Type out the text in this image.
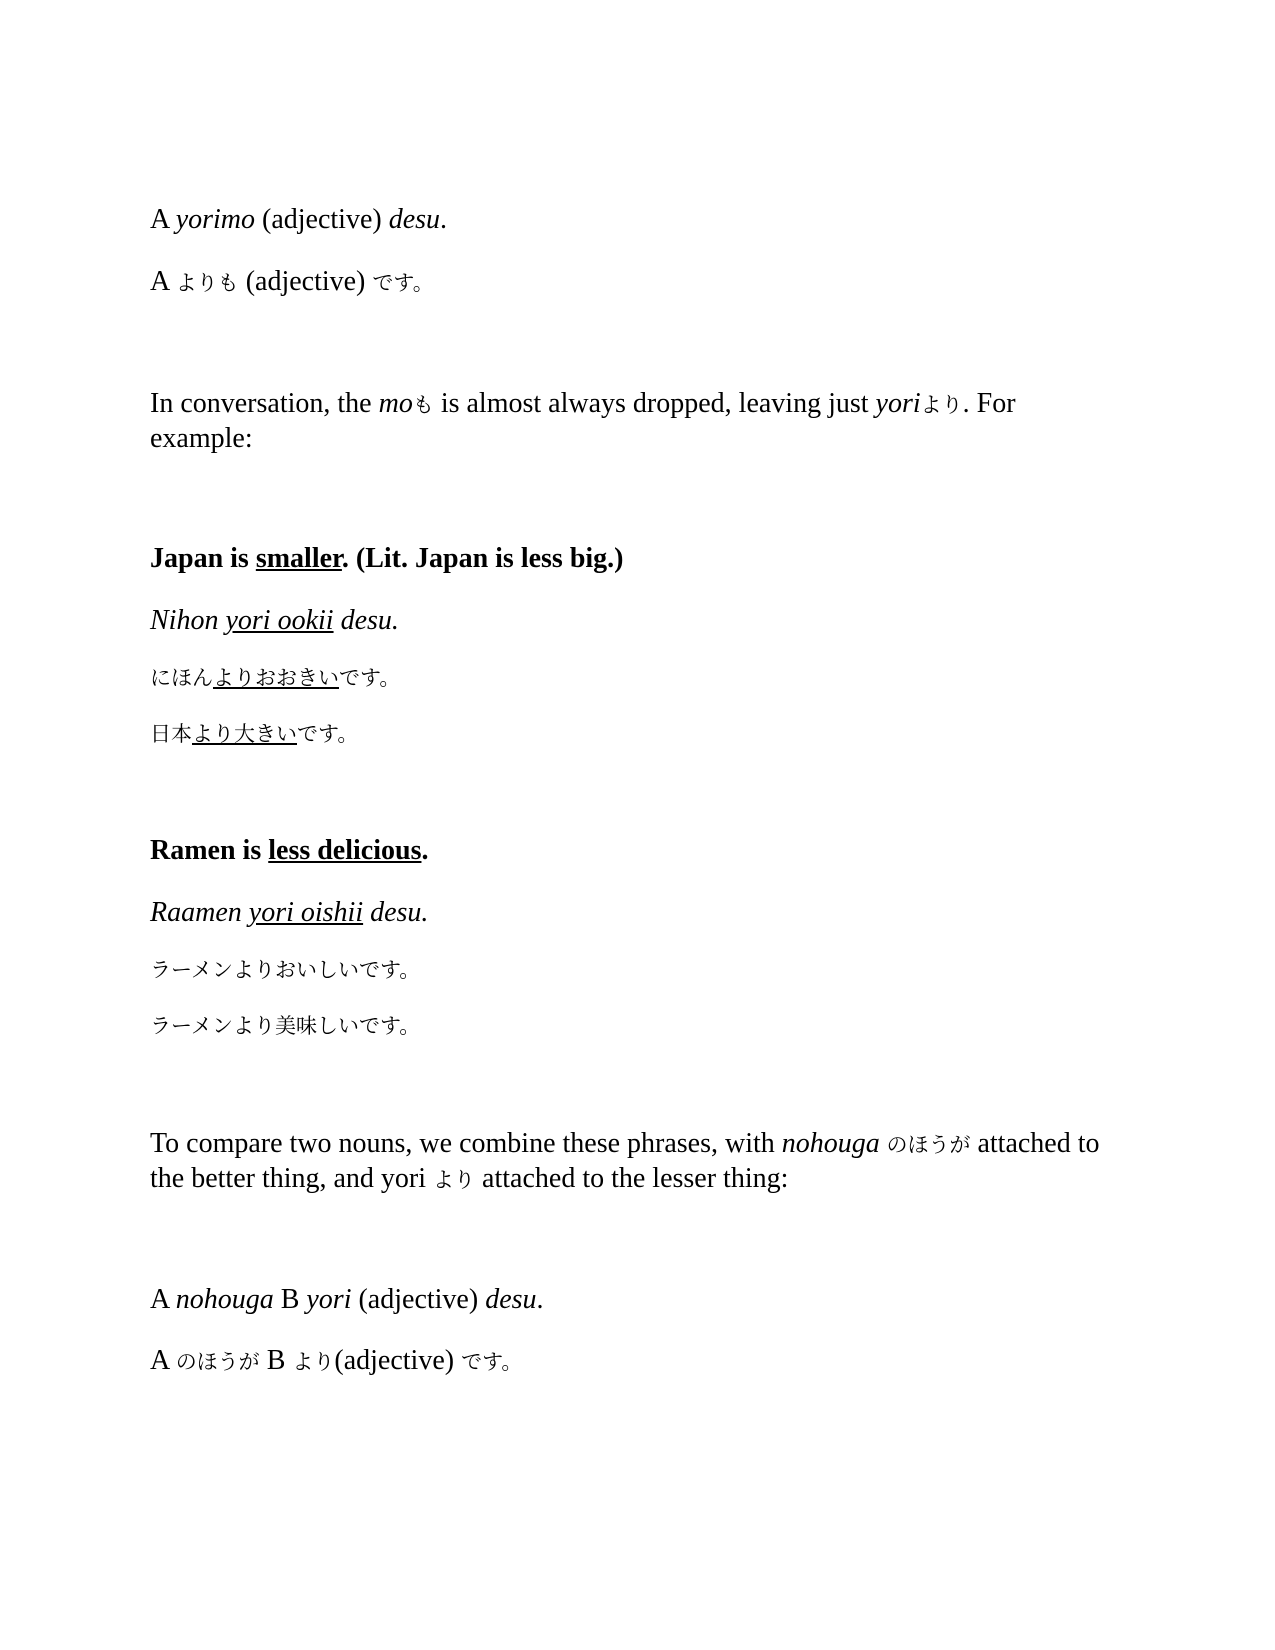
A yorimo (adjective) desu.
A よりも (adjective) です。
In conversation, the moも is almost always dropped, leaving just yoriより. For example:
Japan is smaller. (Lit. Japan is less big.)
Nihon yori ookii desu.
にほんよりおおきいです。
日本より大きいです。
Ramen is less delicious.
Raamen yori oishii desu.
ラーメンよりおいしいです。
ラーメンより美味しいです。
To compare two nouns, we combine these phrases, with nohouga のほうが attached to the better thing, and yori より attached to the lesser thing:
A nohouga B yori (adjective) desu.
A のほうが B より(adjective) です。
